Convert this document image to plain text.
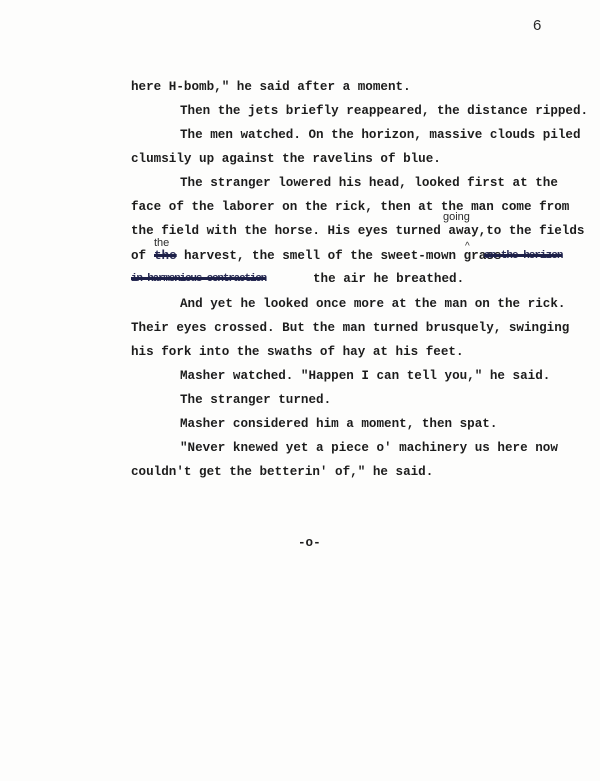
6
here H-bomb," he said after a moment.
Then the jets briefly reappeared, the distance ripped.
The men watched. On the horizon, massive clouds piled
clumsily up against the ravelins of blue.
The stranger lowered his head, looked first at the
face of the laborer on the rick, then at the man come from
going
the field with the horse. His eyes turned away,to the fields
the	^
of the harvest, the smell of the sweet-mown grass
on the horizon
in harmonious contraction	the air he breathed.
And yet he looked once more at the man on the rick.
Their eyes crossed. But the man turned brusquely, swinging
his fork into the swaths of hay at his feet.
Masher watched. "Happen I can tell you," he said.
The stranger turned.
Masher considered him a moment, then spat.
"Never knewed yet a piece o' machinery us here now
couldn't get the betterin' of," he said.
-o-
